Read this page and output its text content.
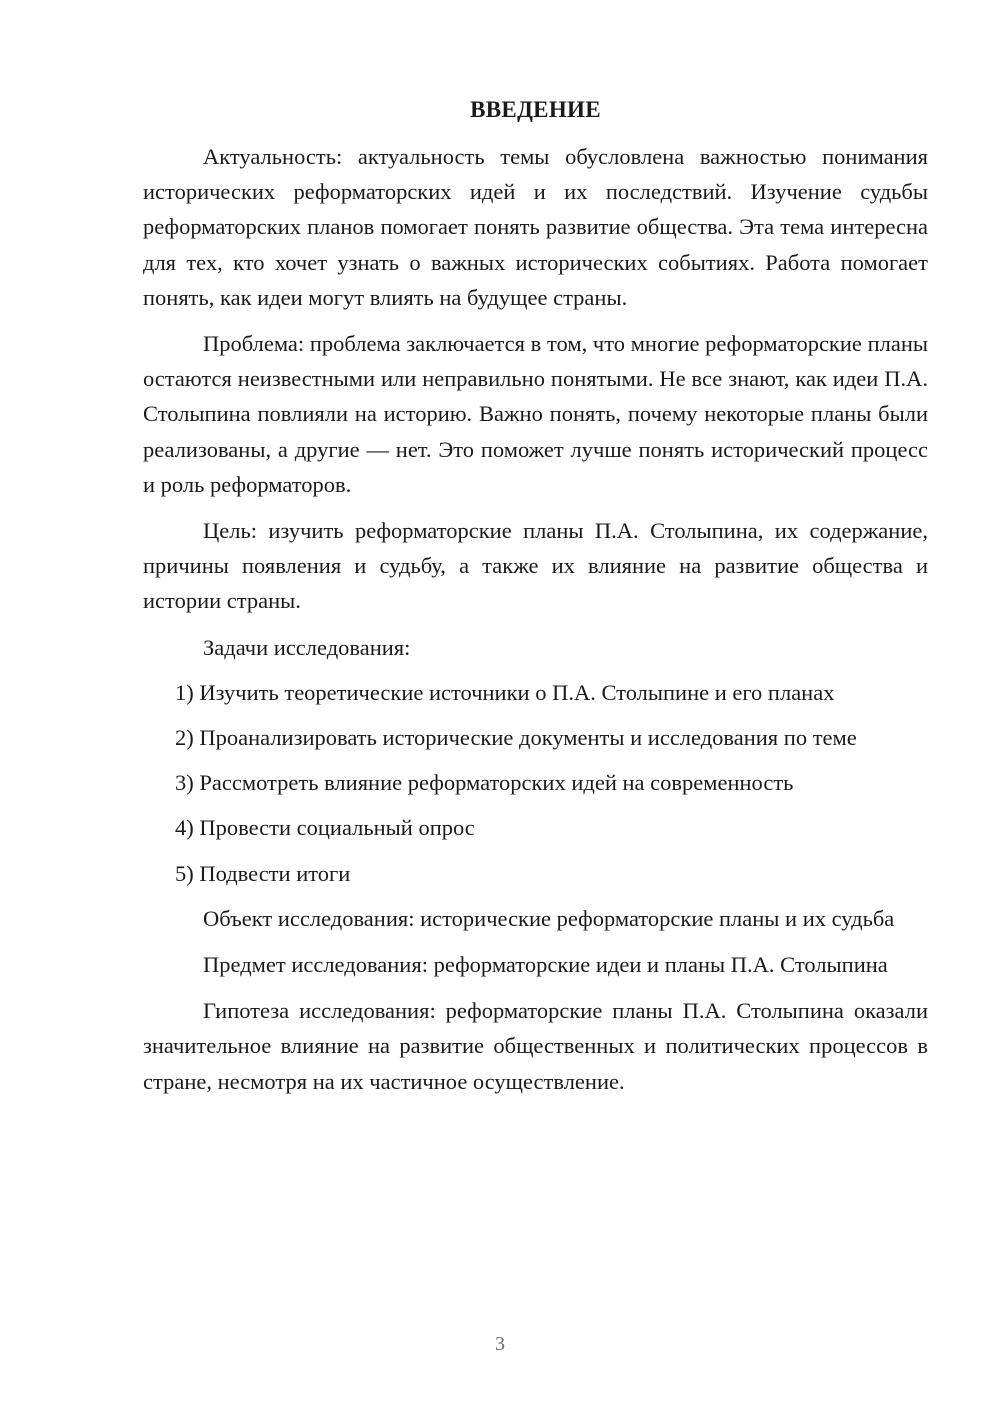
ВВЕДЕНИЕ

Актуальность: актуальность темы обусловлена важностью понимания исторических реформаторских идей и их последствий. Изучение судьбы реформаторских планов помогает понять развитие общества. Эта тема интересна для тех, кто хочет узнать о важных исторических событиях. Работа помогает понять, как идеи могут влиять на будущее страны.

Проблема: проблема заключается в том, что многие реформаторские планы остаются неизвестными или неправильно понятыми. Не все знают, как идеи П.А. Столыпина повлияли на историю. Важно понять, почему некоторые планы были реализованы, а другие — нет. Это поможет лучше понять исторический процесс и роль реформаторов.

Цель: изучить реформаторские планы П.А. Столыпина, их содержание, причины появления и судьбу, а также их влияние на развитие общества и истории страны.

Задачи исследования:

1) Изучить теоретические источники о П.А. Столыпине и его планах
2) Проанализировать исторические документы и исследования по теме
3) Рассмотреть влияние реформаторских идей на современность
4) Провести социальный опрос
5) Подвести итоги

Объект исследования: исторические реформаторские планы и их судьба

Предмет исследования: реформаторские идеи и планы П.А. Столыпина

Гипотеза исследования: реформаторские планы П.А. Столыпина оказали значительное влияние на развитие общественных и политических процессов в стране, несмотря на их частичное осуществление.

3
